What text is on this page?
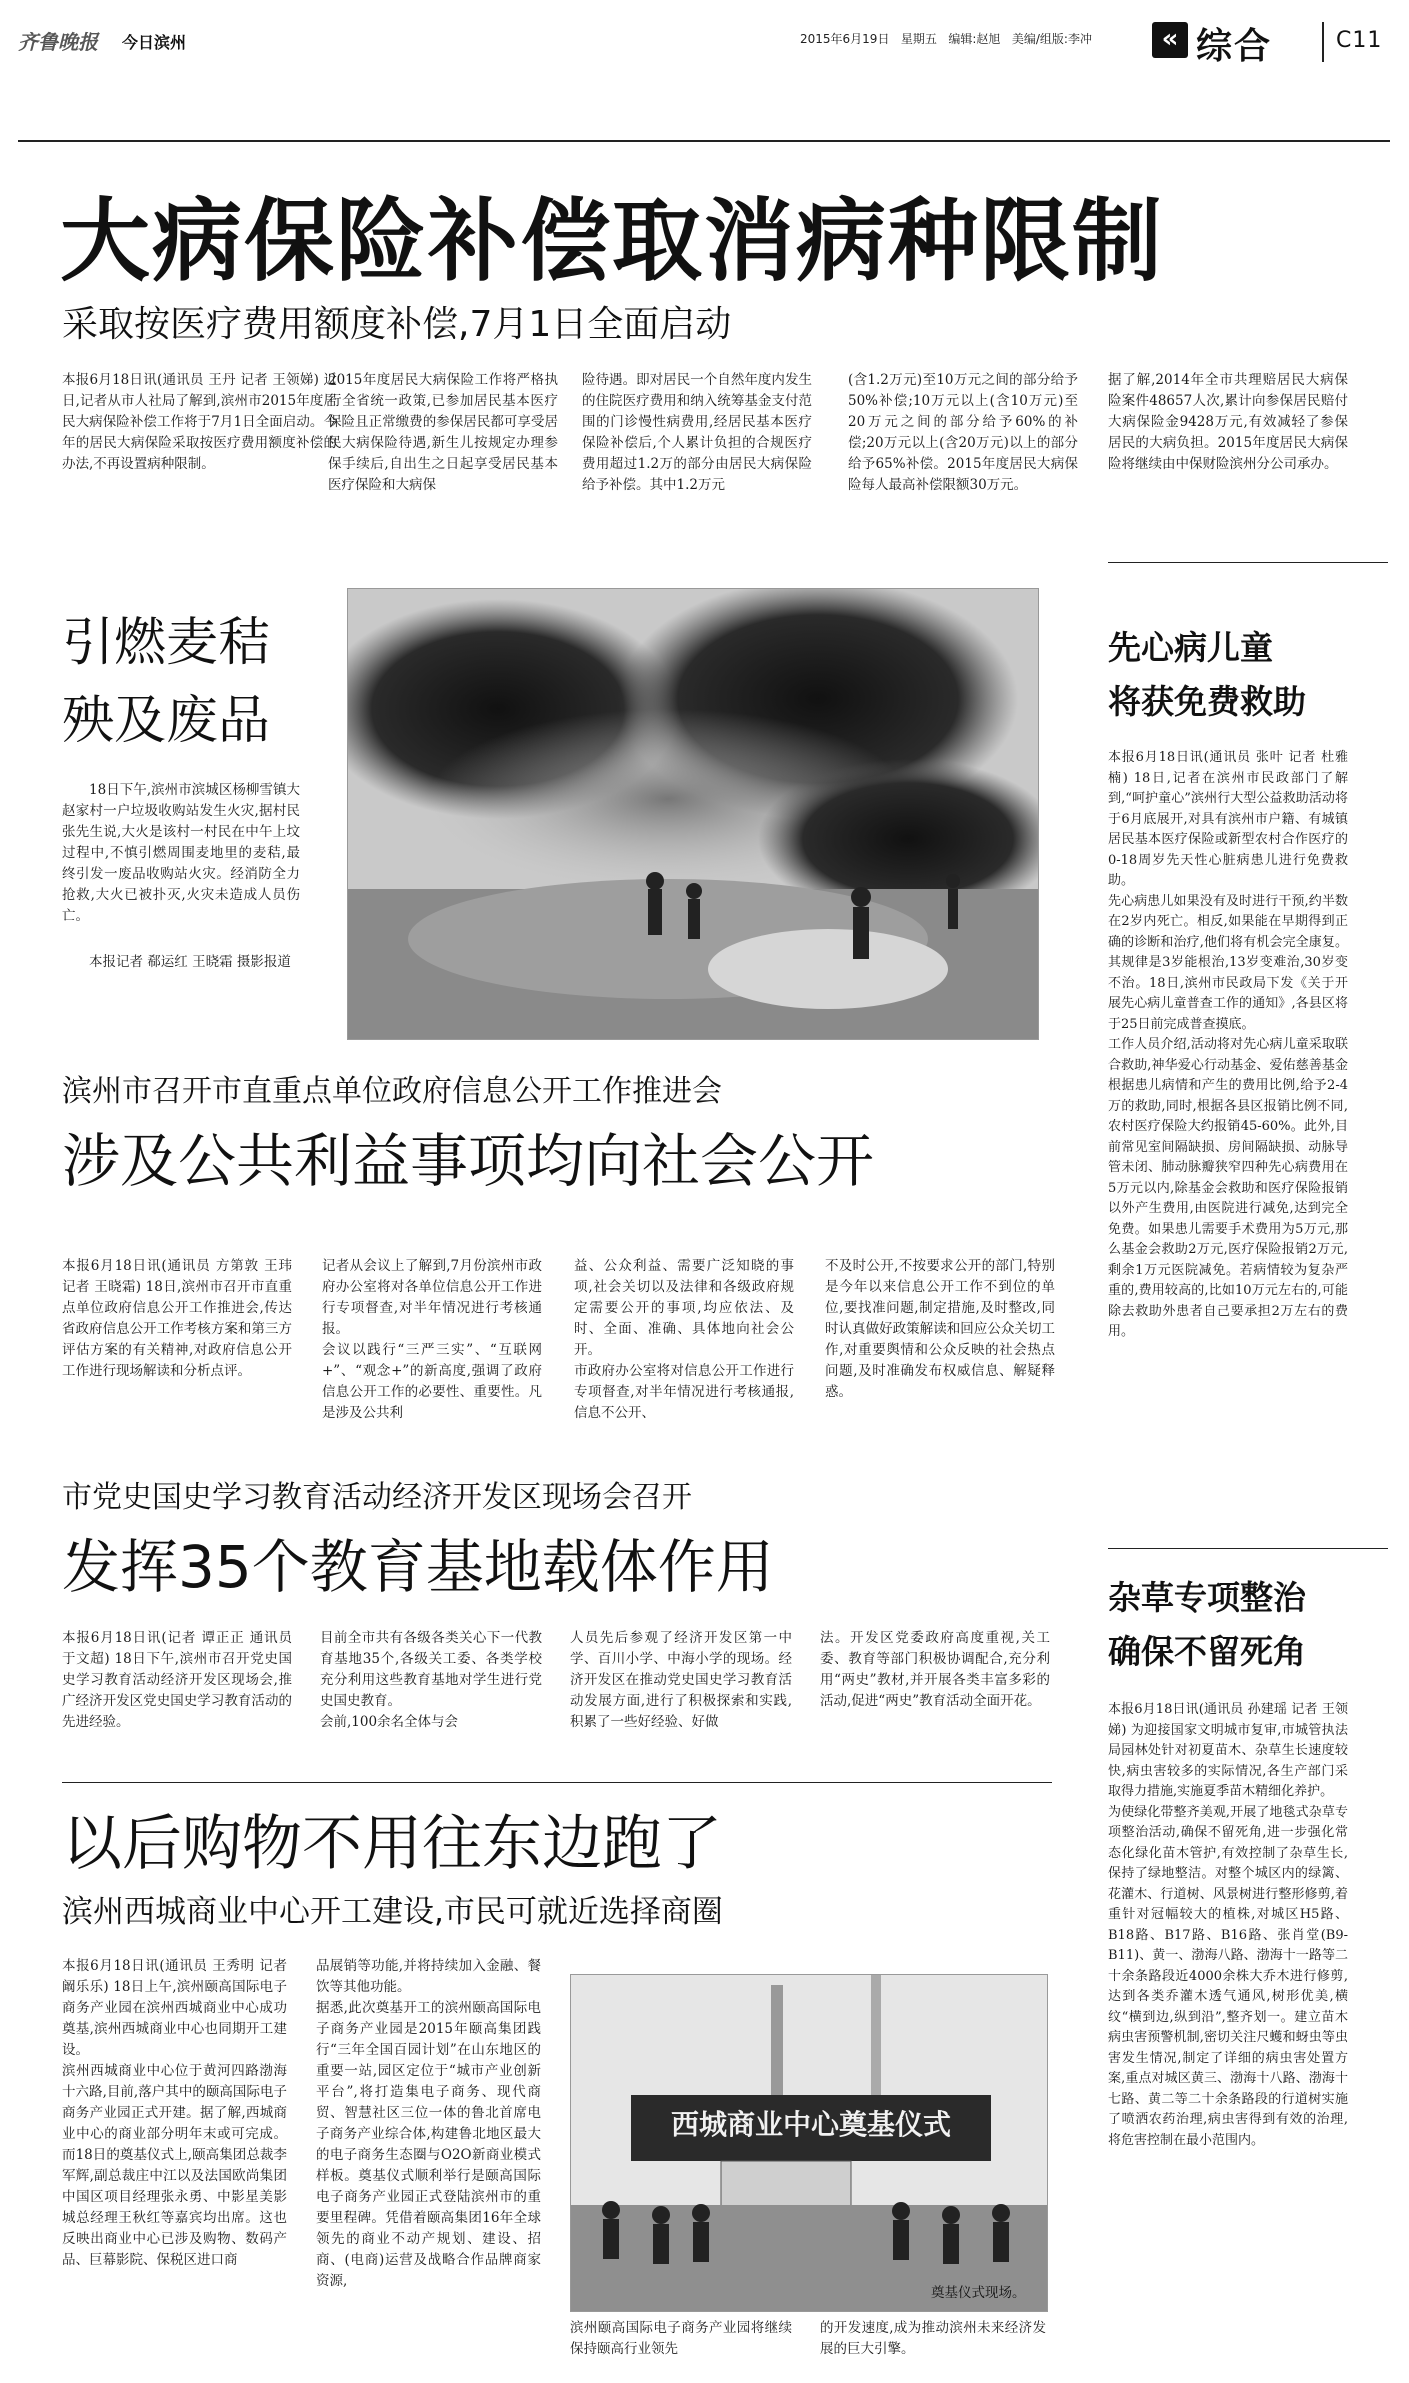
齐鲁晚报 今日滨州	2015年6月19日 星期五 编辑:赵旭 美编/组版:李冲	« 综合	C11
大病保险补偿取消病种限制
采取按医疗费用额度补偿,7月1日全面启动
本报6月18日讯(通讯员 王丹 记者 王领娣) 近日,记者从市人社局了解到,滨州市2015年度居民大病保险补偿工作将于7月1日全面启动。今年的居民大病保险采取按医疗费用额度补偿的办法,不再设置病种限制。
2015年度居民大病保险工作将严格执行全省统一政策,已参加居民基本医疗保险且正常缴费的参保居民都可享受居民大病保险待遇,新生儿按规定办理参保手续后,自出生之日起享受居民基本医疗保险和大病保
险待遇。即对居民一个自然年度内发生的住院医疗费用和纳入统筹基金支付范围的门诊慢性病费用,经居民基本医疗保险补偿后,个人累计负担的合规医疗费用超过1.2万的部分由居民大病保险给予补偿。其中1.2万元
(含1.2万元)至10万元之间的部分给予50%补偿;10万元以上(含10万元)至20万元之间的部分给予60%的补偿;20万元以上(含20万元)以上的部分给予65%补偿。2015年度居民大病保险每人最高补偿限额30万元。
据了解,2014年全市共理赔居民大病保险案件48657人次,累计向参保居民赔付大病保险金9428万元,有效减轻了参保居民的大病负担。2015年度居民大病保险将继续由中保财险滨州分公司承办。
引燃麦秸
殃及废品
18日下午,滨州市滨城区杨柳雪镇大赵家村一户垃圾收购站发生火灾,据村民张先生说,大火是该村一村民在中午上坟过程中,不慎引燃周围麦地里的麦秸,最终引发一废品收购站火灾。经消防全力抢救,大火已被扑灭,火灾未造成人员伤亡。
本报记者 郗运红 王晓霜 摄影报道
先心病儿童
将获免费救助
本报6月18日讯(通讯员 张叶 记者 杜雅楠) 18日,记者在滨州市民政部门了解到,“呵护童心”滨州行大型公益救助活动将于6月底展开,对具有滨州市户籍、有城镇居民基本医疗保险或新型农村合作医疗的0-18周岁先天性心脏病患儿进行免费救助。
先心病患儿如果没有及时进行干预,约半数在2岁内死亡。相反,如果能在早期得到正确的诊断和治疗,他们将有机会完全康复。其规律是3岁能根治,13岁变难治,30岁变不治。18日,滨州市民政局下发《关于开展先心病儿童普查工作的通知》,各县区将于25日前完成普查摸底。
工作人员介绍,活动将对先心病儿童采取联合救助,神华爱心行动基金、爱佑慈善基金根据患儿病情和产生的费用比例,给予2-4万的救助,同时,根据各县区报销比例不同,农村医疗保险大约报销45-60%。此外,目前常见室间隔缺损、房间隔缺损、动脉导管未闭、肺动脉瓣狭窄四种先心病费用在5万元以内,除基金会救助和医疗保险报销以外产生费用,由医院进行减免,达到完全免费。如果患儿需要手术费用为5万元,那么基金会救助2万元,医疗保险报销2万元,剩余1万元医院减免。若病情较为复杂严重的,费用较高的,比如10万元左右的,可能除去救助外患者自己要承担2万左右的费用。
滨州市召开市直重点单位政府信息公开工作推进会
涉及公共利益事项均向社会公开
本报6月18日讯(通讯员 方第敦 王玮 记者 王晓霜) 18日,滨州市召开市直重点单位政府信息公开工作推进会,传达省政府信息公开工作考核方案和第三方评估方案的有关精神,对政府信息公开工作进行现场解读和分析点评。
记者从会议上了解到,7月份滨州市政府办公室将对各单位信息公开工作进行专项督查,对半年情况进行考核通报。
会议以践行“三严三实”、“互联网+”、“观念+”的新高度,强调了政府信息公开工作的必要性、重要性。凡是涉及公共利
益、公众利益、需要广泛知晓的事项,社会关切以及法律和各级政府规定需要公开的事项,均应依法、及时、全面、准确、具体地向社会公开。
市政府办公室将对信息公开工作进行专项督查,对半年情况进行考核通报,信息不公开、
不及时公开,不按要求公开的部门,特别是今年以来信息公开工作不到位的单位,要找准问题,制定措施,及时整改,同时认真做好政策解读和回应公众关切工作,对重要舆情和公众反映的社会热点问题,及时准确发布权威信息、解疑释惑。
市党史国史学习教育活动经济开发区现场会召开
发挥35个教育基地载体作用
本报6月18日讯(记者 谭正正 通讯员 于文超) 18日下午,滨州市召开党史国史学习教育活动经济开发区现场会,推广经济开发区党史国史学习教育活动的先进经验。
目前全市共有各级各类关心下一代教育基地35个,各级关工委、各类学校充分利用这些教育基地对学生进行党史国史教育。
会前,100余名全体与会
人员先后参观了经济开发区第一中学、百川小学、中海小学的现场。经济开发区在推动党史国史学习教育活动发展方面,进行了积极探索和实践,积累了一些好经验、好做
法。开发区党委政府高度重视,关工委、教育等部门积极协调配合,充分利用“两史”教材,并开展各类丰富多彩的活动,促进“两史”教育活动全面开花。
杂草专项整治
确保不留死角
本报6月18日讯(通讯员 孙建瑶 记者 王领娣) 为迎接国家文明城市复审,市城管执法局园林处针对初夏苗木、杂草生长速度较快,病虫害较多的实际情况,各生产部门采取得力措施,实施夏季苗木精细化养护。
为使绿化带整齐美观,开展了地毯式杂草专项整治活动,确保不留死角,进一步强化常态化绿化苗木管护,有效控制了杂草生长,保持了绿地整洁。对整个城区内的绿篱、花灌木、行道树、风景树进行整形修剪,着重针对冠幅较大的植株,对城区H5路、B18路、B17路、B16路、张肖堂(B9-B11)、黄一、渤海八路、渤海十一路等二十余条路段近4000余株大乔木进行修剪,达到各类乔灌木透气通风,树形优美,横纹“横到边,纵到沿”,整齐划一。建立苗木病虫害预警机制,密切关注尺蠖和蚜虫等虫害发生情况,制定了详细的病虫害处置方案,重点对城区黄三、渤海十八路、渤海十七路、黄二等二十余条路段的行道树实施了喷洒农药治理,病虫害得到有效的治理,将危害控制在最小范围内。
以后购物不用往东边跑了
滨州西城商业中心开工建设,市民可就近选择商圈
本报6月18日讯(通讯员 王秀明 记者 阚乐乐) 18日上午,滨州颐高国际电子商务产业园在滨州西城商业中心成功奠基,滨州西城商业中心也同期开工建设。
滨州西城商业中心位于黄河四路渤海十六路,目前,落户其中的颐高国际电子商务产业园正式开建。据了解,西城商业中心的商业部分明年末或可完成。而18日的奠基仪式上,颐高集团总裁李军辉,副总裁庄中江以及法国欧尚集团中国区项目经理张永勇、中影星美影城总经理王秋红等嘉宾均出席。这也反映出商业中心已涉及购物、数码产品、巨幕影院、保税区进口商
品展销等功能,并将持续加入金融、餐饮等其他功能。
据悉,此次奠基开工的滨州颐高国际电子商务产业园是2015年颐高集团践行“三年全国百园计划”在山东地区的重要一站,园区定位于“城市产业创新平台”,将打造集电子商务、现代商贸、智慧社区三位一体的鲁北首席电子商务产业综合体,构建鲁北地区最大的电子商务生态圈与O2O新商业模式样板。奠基仪式顺利举行是颐高国际电子商务产业园正式登陆滨州市的重要里程碑。凭借着颐高集团16年全球领先的商业不动产规划、建设、招商、(电商)运营及战略合作品牌商家资源,
西城商业中心奠基仪式
奠基仪式现场。
滨州颐高国际电子商务产业园将继续保持颐高行业领先
的开发速度,成为推动滨州未来经济发展的巨大引擎。
